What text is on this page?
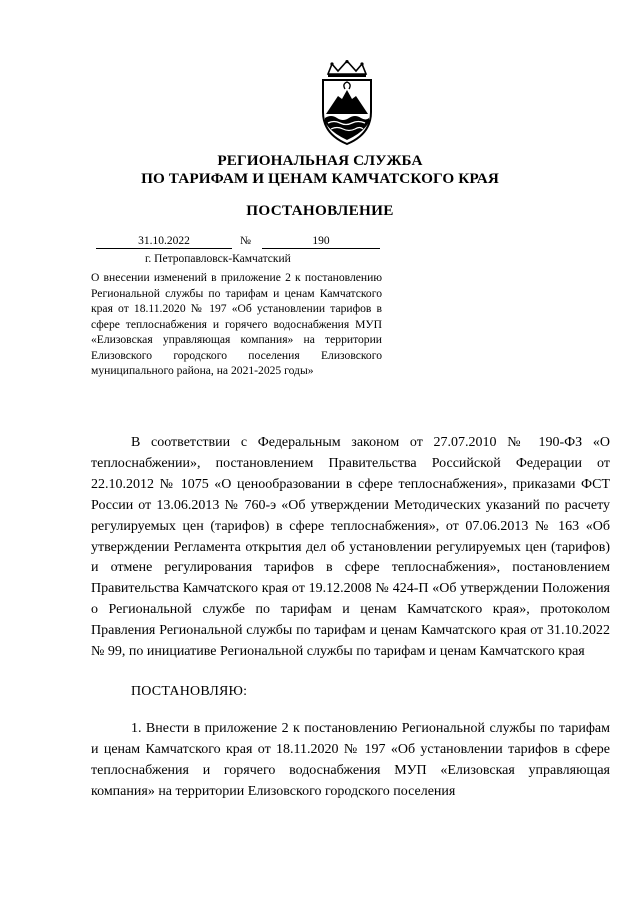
РЕГИОНАЛЬНАЯ СЛУЖБА
ПО ТАРИФАМ И ЦЕНАМ КАМЧАТСКОГО КРАЯ
ПОСТАНОВЛЕНИЕ
31.10.2022	№	190
г. Петропавловск-Камчатский
О внесении изменений в приложение 2 к постановлению Региональной службы по тарифам и ценам Камчатского края от 18.11.2020 № 197 «Об установлении тарифов в сфере теплоснабжения и горячего водоснабжения МУП «Елизовская управляющая компания» на территории Елизовского городского поселения Елизовского муниципального района, на 2021-2025 годы»

В соответствии с Федеральным законом от 27.07.2010 № 190-ФЗ «О теплоснабжении», постановлением Правительства Российской Федерации от 22.10.2012 № 1075 «О ценообразовании в сфере теплоснабжения», приказами ФСТ России от 13.06.2013 № 760-э «Об утверждении Методических указаний по расчету регулируемых цен (тарифов) в сфере теплоснабжения», от 07.06.2013 № 163 «Об утверждении Регламента открытия дел об установлении регулируемых цен (тарифов) и отмене регулирования тарифов в сфере теплоснабжения», постановлением Правительства Камчатского края от 19.12.2008 № 424-П «Об утверждении Положения о Региональной службе по тарифам и ценам Камчатского края», протоколом Правления Региональной службы по тарифам и ценам Камчатского края от 31.10.2022 № 99, по инициативе Региональной службы по тарифам и ценам Камчатского края

ПОСТАНОВЛЯЮ:

1. Внести в приложение 2 к постановлению Региональной службы по тарифам и ценам Камчатского края от 18.11.2020 № 197 «Об установлении тарифов в сфере теплоснабжения и горячего водоснабжения МУП «Елизовская управляющая компания» на территории Елизовского городского поселения
